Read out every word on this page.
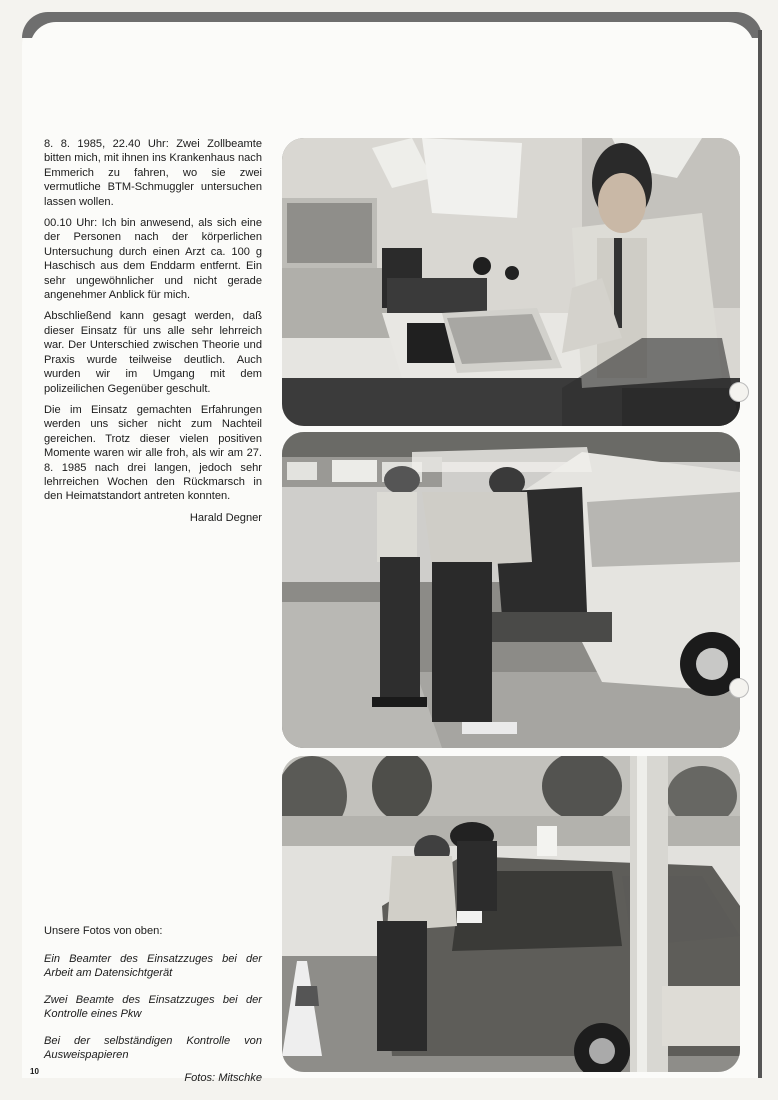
8. 8. 1985, 22.40 Uhr: Zwei Zollbeamte bitten mich, mit ihnen ins Krankenhaus nach Emmerich zu fahren, wo sie zwei vermutliche BTM-Schmuggler untersuchen lassen wollen.

00.10 Uhr: Ich bin anwesend, als sich eine der Personen nach der körperlichen Untersuchung durch einen Arzt ca. 100 g Haschisch aus dem Enddarm entfernt. Ein sehr ungewöhnlicher und nicht gerade angenehmer Anblick für mich.

Abschließend kann gesagt werden, daß dieser Einsatz für uns alle sehr lehrreich war. Der Unterschied zwischen Theorie und Praxis wurde teilweise deutlich. Auch wurden wir im Umgang mit dem polizeilichen Gegenüber geschult.

Die im Einsatz gemachten Erfahrungen werden uns sicher nicht zum Nachteil gereichen. Trotz dieser vielen positiven Momente waren wir alle froh, als wir am 27. 8. 1985 nach drei langen, jedoch sehr lehrreichen Wochen den Rückmarsch in den Heimatstandort antreten konnten.

Harald Degner

Unsere Fotos von oben:

Ein Beamter des Einsatzzuges bei der Arbeit am Datensichtgerät

Zwei Beamte des Einsatzzuges bei der Kontrolle eines Pkw

Bei der selbständigen Kontrolle von Ausweispapieren

Fotos: Mitschke
10
